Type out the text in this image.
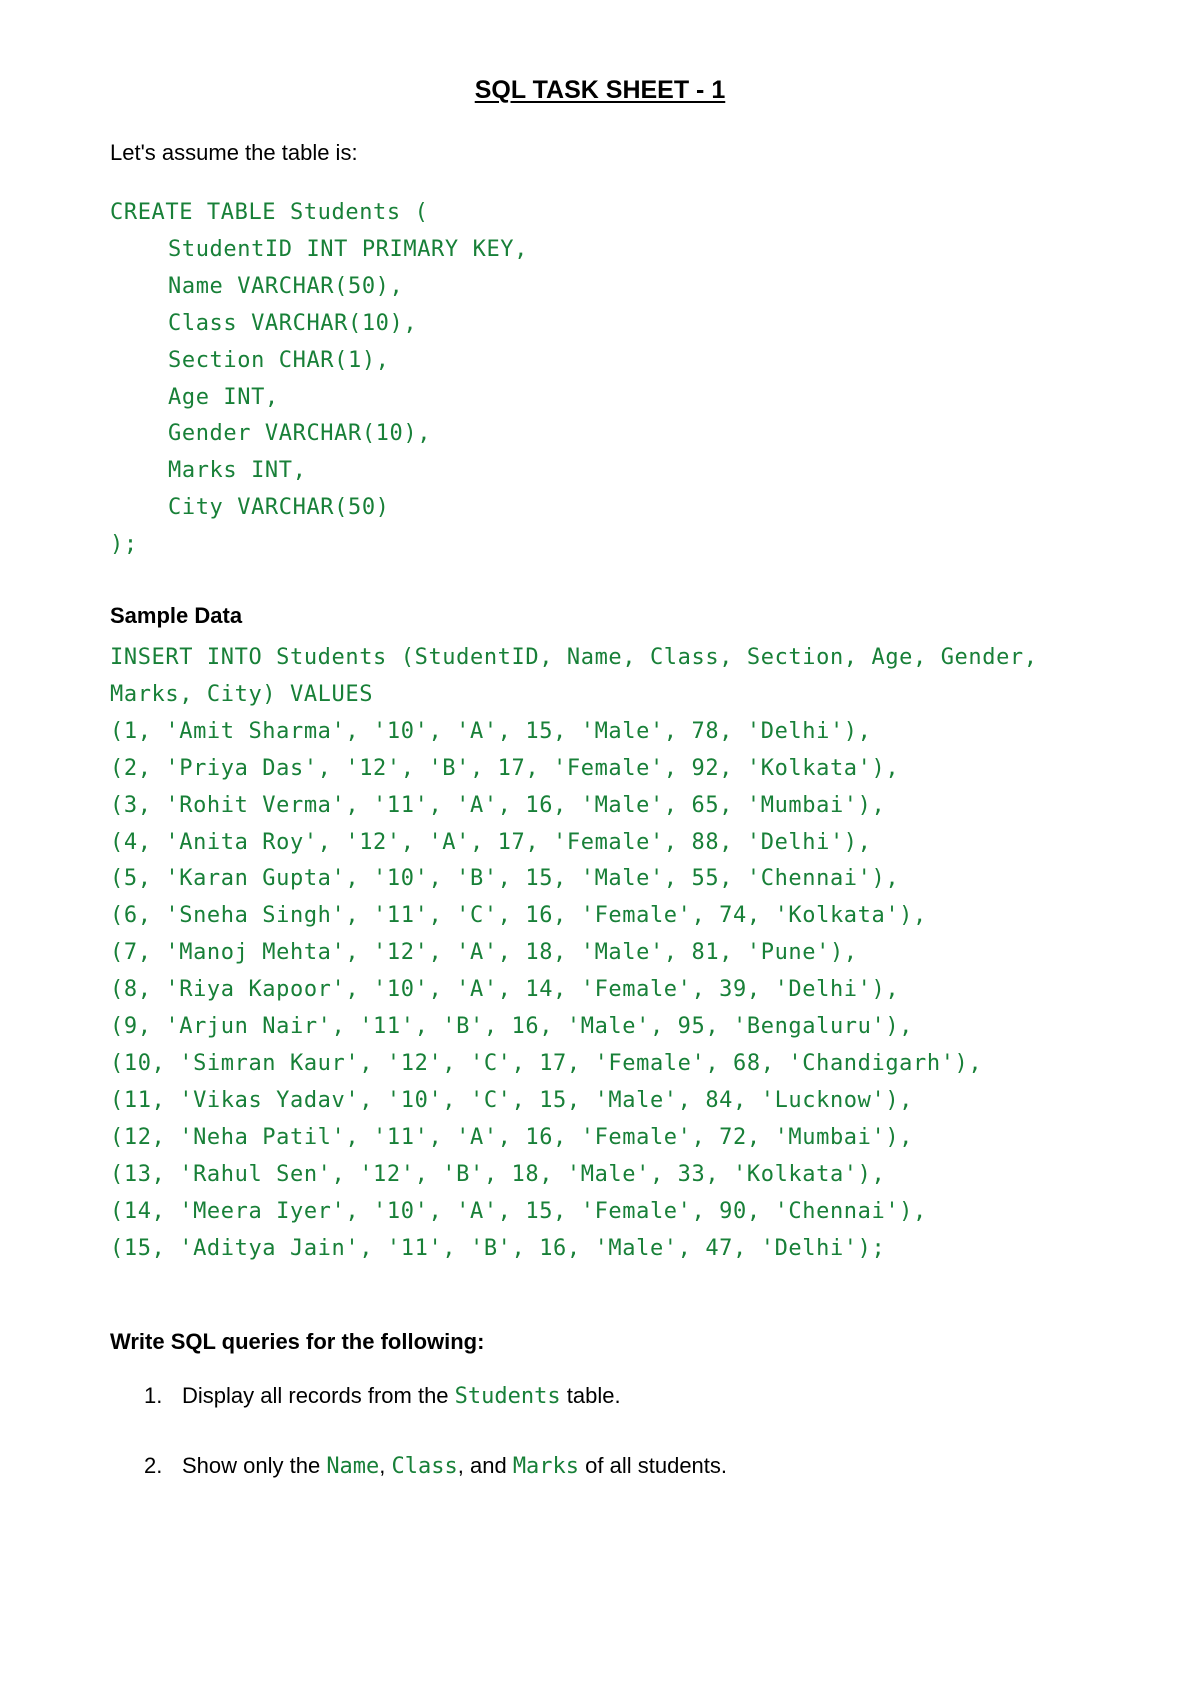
SQL TASK SHEET - 1
Let's assume the table is:
CREATE TABLE Students (
StudentID INT PRIMARY KEY,
Name VARCHAR(50),
Class VARCHAR(10),
Section CHAR(1),
Age INT,
Gender VARCHAR(10),
Marks INT,
City VARCHAR(50)
);
Sample Data
INSERT INTO Students (StudentID, Name, Class, Section, Age, Gender,
Marks, City) VALUES
(1, 'Amit Sharma', '10', 'A', 15, 'Male', 78, 'Delhi'),
(2, 'Priya Das', '12', 'B', 17, 'Female', 92, 'Kolkata'),
(3, 'Rohit Verma', '11', 'A', 16, 'Male', 65, 'Mumbai'),
(4, 'Anita Roy', '12', 'A', 17, 'Female', 88, 'Delhi'),
(5, 'Karan Gupta', '10', 'B', 15, 'Male', 55, 'Chennai'),
(6, 'Sneha Singh', '11', 'C', 16, 'Female', 74, 'Kolkata'),
(7, 'Manoj Mehta', '12', 'A', 18, 'Male', 81, 'Pune'),
(8, 'Riya Kapoor', '10', 'A', 14, 'Female', 39, 'Delhi'),
(9, 'Arjun Nair', '11', 'B', 16, 'Male', 95, 'Bengaluru'),
(10, 'Simran Kaur', '12', 'C', 17, 'Female', 68, 'Chandigarh'),
(11, 'Vikas Yadav', '10', 'C', 15, 'Male', 84, 'Lucknow'),
(12, 'Neha Patil', '11', 'A', 16, 'Female', 72, 'Mumbai'),
(13, 'Rahul Sen', '12', 'B', 18, 'Male', 33, 'Kolkata'),
(14, 'Meera Iyer', '10', 'A', 15, 'Female', 90, 'Chennai'),
(15, 'Aditya Jain', '11', 'B', 16, 'Male', 47, 'Delhi');
Write SQL queries for the following:
1. Display all records from the Students table.
2. Show only the Name, Class, and Marks of all students.
